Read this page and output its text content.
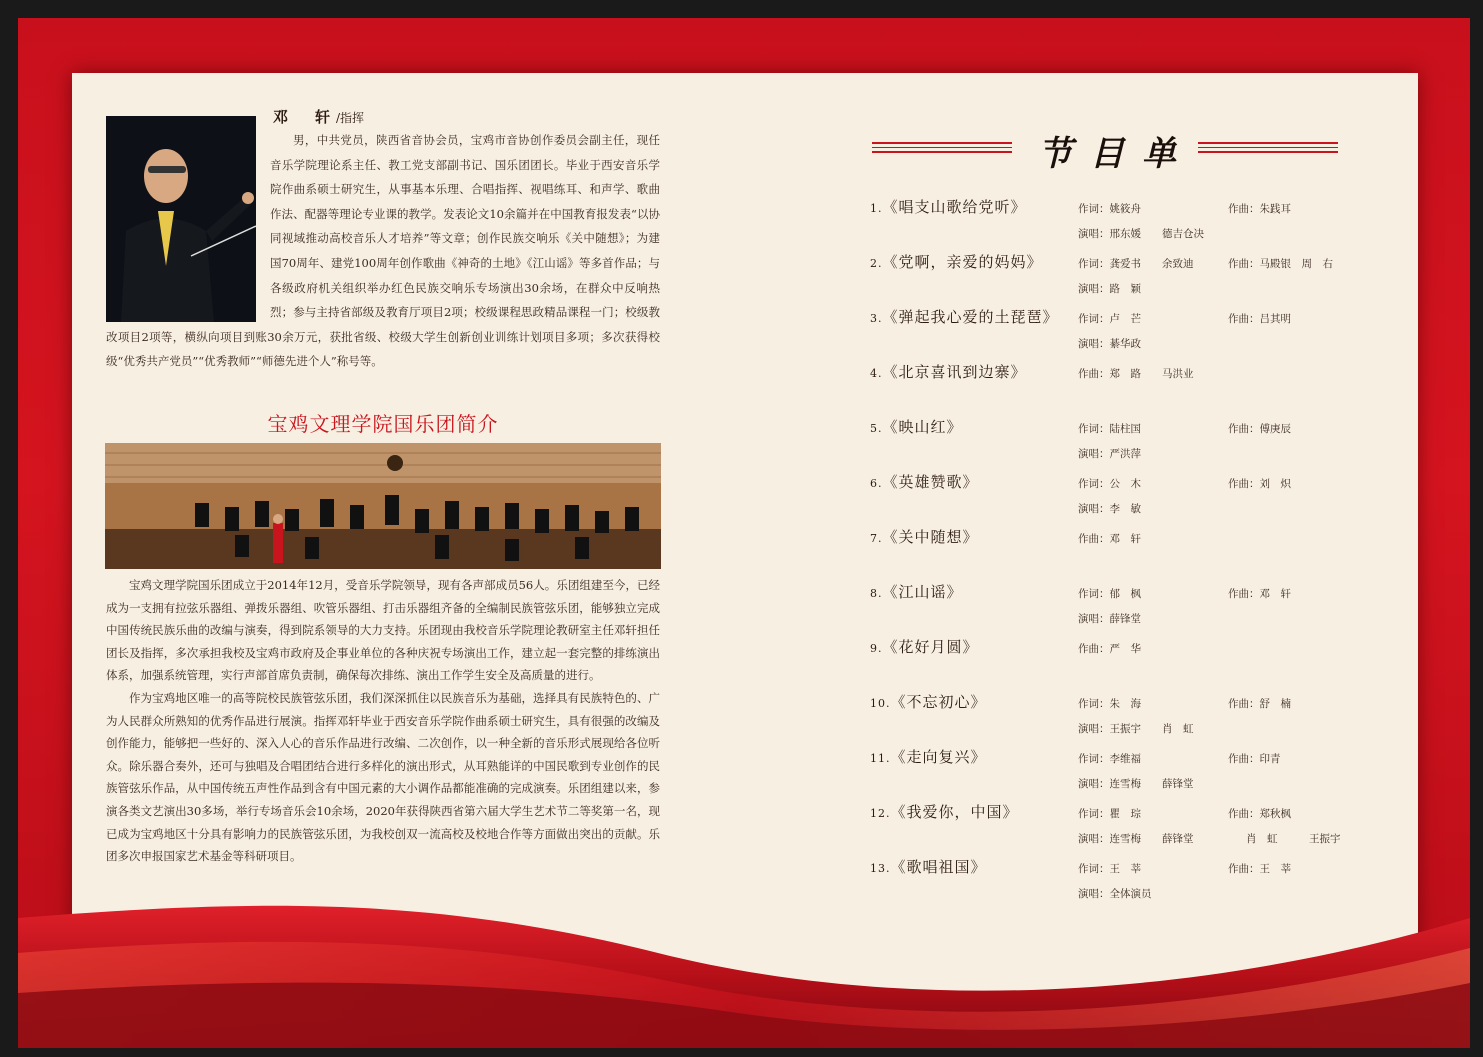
邓　轩/指挥
男，中共党员，陕西省音协会员，宝鸡市音协创作委员会副主任，现任音乐学院理论系主任、教工党支部副书记、国乐团团长。毕业于西安音乐学院作曲系硕士研究生，从事基本乐理、合唱指挥、视唱练耳、和声学、歌曲作法、配器等理论专业课的教学。发表论文10余篇并在中国教育报发表“以协同视域推动高校音乐人才培养”等文章；创作民族交响乐《关中随想》；为建国70周年、建党100周年创作歌曲《神奇的土地》《江山谣》等多首作品；与各级政府机关组织举办红色民族交响乐专场演出30余场，在群众中反响热烈；参与主持省部级及教育厅项目2项；校级课程思政精品课程一门；校级教改项目2项等，横纵向项目到账30余万元，获批省级、校级大学生创新创业训练计划项目多项；多次获得校级“优秀共产党员”“优秀教师”“师德先进个人”称号等。
宝鸡文理学院国乐团简介

宝鸡文理学院国乐团成立于2014年12月，受音乐学院领导，现有各声部成员56人。乐团组建至今，已经成为一支拥有拉弦乐器组、弹拨乐器组、吹管乐器组、打击乐器组齐备的全编制民族管弦乐团，能够独立完成中国传统民族乐曲的改编与演奏，得到院系领导的大力支持。乐团现由我校音乐学院理论教研室主任邓轩担任团长及指挥，多次承担我校及宝鸡市政府及企事业单位的各种庆祝专场演出工作，建立起一套完整的排练演出体系，加强系统管理，实行声部首席负责制，确保每次排练、演出工作学生安全及高质量的进行。

作为宝鸡地区唯一的高等院校民族管弦乐团，我们深深抓住以民族音乐为基础，选择具有民族特色的、广为人民群众所熟知的优秀作品进行展演。指挥邓轩毕业于西安音乐学院作曲系硕士研究生，具有很强的改编及创作能力，能够把一些好的、深入人心的音乐作品进行改编、二次创作，以一种全新的音乐形式展现给各位听众。除乐器合奏外，还可与独唱及合唱团结合进行多样化的演出形式，从耳熟能详的中国民歌到专业创作的民族管弦乐作品，从中国传统五声性作品到含有中国元素的大小调作品都能准确的完成演奏。乐团组建以来，参演各类文艺演出30多场，举行专场音乐会10余场，2020年获得陕西省第六届大学生艺术节二等奖第一名，现已成为宝鸡地区十分具有影响力的民族管弦乐团，为我校创双一流高校及校地合作等方面做出突出的贡献。乐团多次申报国家艺术基金等科研项目。

节目单
1.《唱支山歌给党听》	作词：姚筱舟	作曲：朱践耳
演唱：邢东媛　　德吉仓决
2.《党啊，亲爱的妈妈》	作词：龚爱书　　余致迪	作曲：马殿银　周　右
演唱：路　颖
3.《弹起我心爱的土琵琶》 作词：卢　芒	作曲：吕其明
演唱：綦华政
4.《北京喜讯到边寨》	作曲：郑　路　　马洪业
5.《映山红》	作词：陆柱国	作曲：傅庚辰
演唱：严洪萍
6.《英雄赞歌》	作词：公　木	作曲：刘　炽
演唱：李　敏
7.《关中随想》	作曲：邓　轩
8.《江山谣》	作词：郁　枫	作曲：邓　轩
演唱：薛锋堂
9.《花好月圆》	作曲：严　华
10.《不忘初心》	作词：朱　海	作曲：舒　楠
演唱：王振宇　　肖　虹
11.《走向复兴》	作词：李维福	作曲：印青
演唱：连雪梅　　薛锋堂
12.《我爱你，中国》	作词：瞿　琮	作曲：郑秋枫
演唱：连雪梅　　薛锋堂　　　　　肖　虹　　　王振宇
13.《歌唱祖国》	作词：王　莘	作曲：王　莘
演唱：全体演员
